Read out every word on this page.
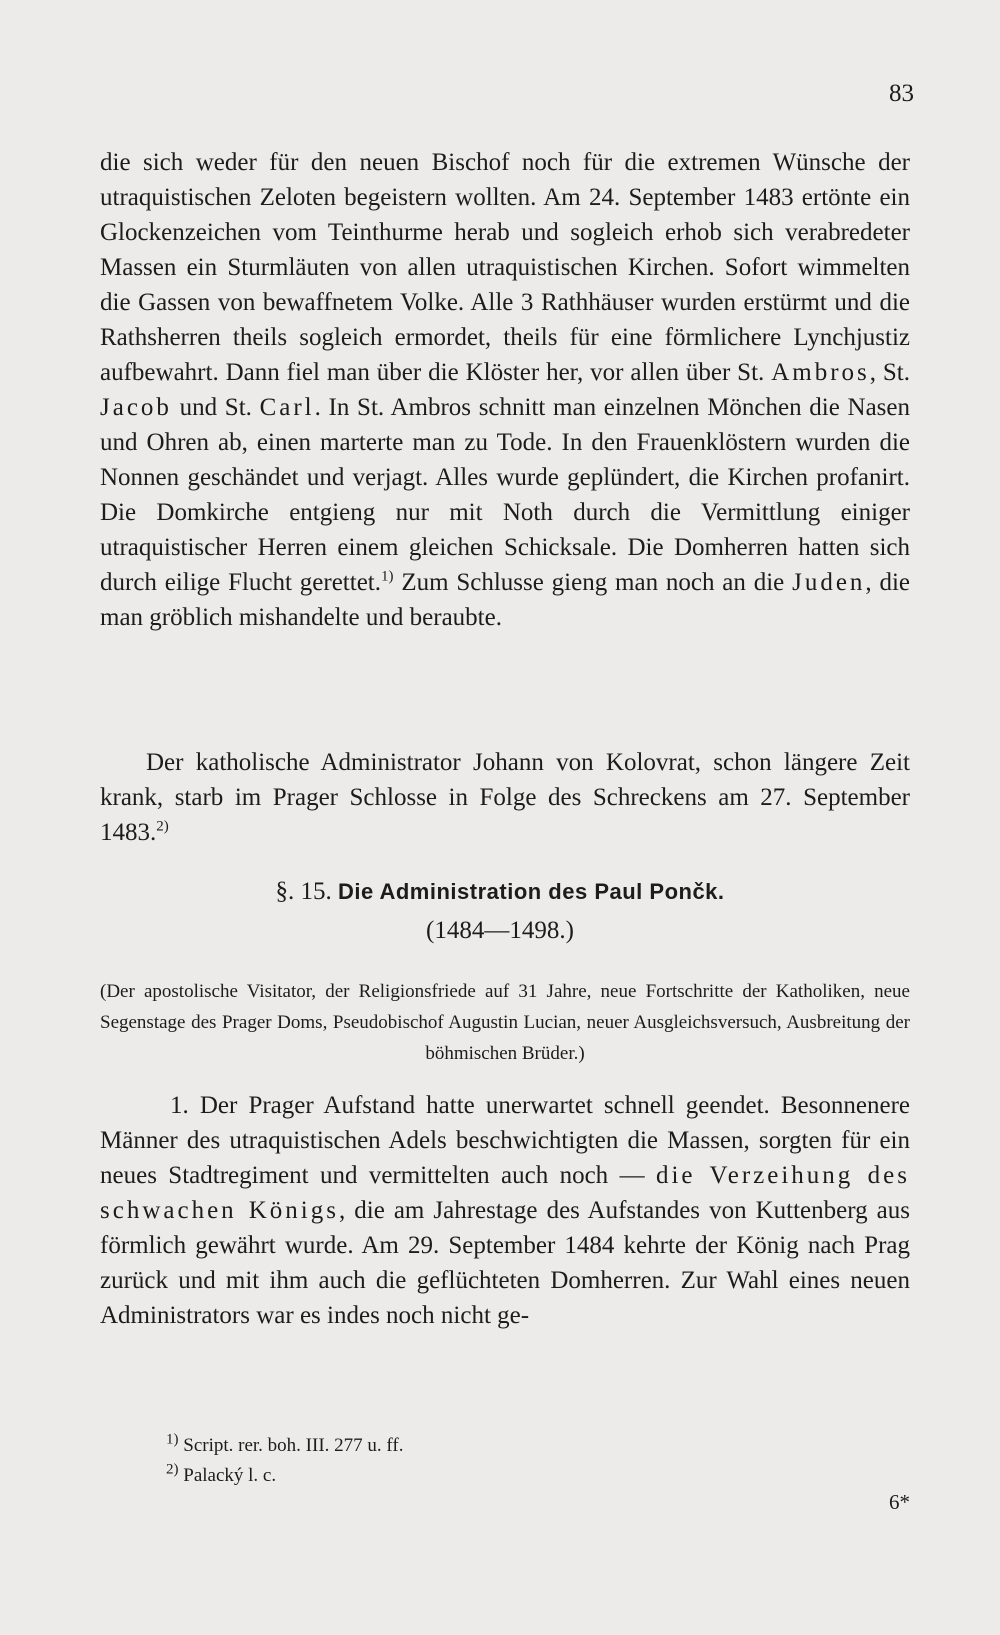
83

die sich weder für den neuen Bischof noch für die extremen Wünsche der utraquistischen Zeloten begeistern wollten. Am 24. September 1483 ertönte ein Glockenzeichen vom Teinthurme herab und sogleich erhob sich verabredeter Massen ein Sturmläuten von allen utraquistischen Kirchen. Sofort wimmelten die Gassen von bewaffnetem Volke. Alle 3 Rathhäuser wurden erstürmt und die Rathsherren theils sogleich ermordet, theils für eine förmlichere Lynchjustiz aufbewahrt. Dann fiel man über die Klöster her, vor allen über St. Ambros, St. Jacob und St. Carl. In St. Ambros schnitt man einzelnen Mönchen die Nasen und Ohren ab, einen marterte man zu Tode. In den Frauenklöstern wurden die Nonnen geschändet und verjagt. Alles wurde geplündert, die Kirchen profanirt. Die Domkirche entgieng nur mit Noth durch die Vermittlung einiger utraquistischer Herren einem gleichen Schicksale. Die Domherren hatten sich durch eilige Flucht gerettet.$^{1)}$ Zum Schlusse gieng man noch an die Juden, die man gröblich mishandelte und beraubte.

Der katholische Administrator Johann von Kolovrat, schon längere Zeit krank, starb im Prager Schlosse in Folge des Schreckens am 27. September 1483.$^{2)}$

§. 15. Die Administration des Paul Pončk.
(1484—1498.)

(Der apostolische Visitator, der Religionsfriede auf 31 Jahre, neue Fortschritte der Katholiken, neue Segenstage des Prager Doms, Pseudobischof Augustin Lucian, neuer Ausgleichsversuch, Ausbreitung der böhmischen Brüder.)

1. Der Prager Aufstand hatte unerwartet schnell geendet. Besonnenere Männer des utraquistischen Adels beschwichtigten die Massen, sorgten für ein neues Stadtregiment und vermittelten auch noch — die Verzeihung des schwachen Königs, die am Jahrestage des Aufstandes von Kuttenberg aus förmlich gewährt wurde. Am 29. September 1484 kehrte der König nach Prag zurück und mit ihm auch die geflüchteten Domherren. Zur Wahl eines neuen Administrators war es indes noch nicht ge-

$^{1)}$ Script. rer. boh. III. 277 u. ff.
$^{2)}$ Palacký l. c.
6*
